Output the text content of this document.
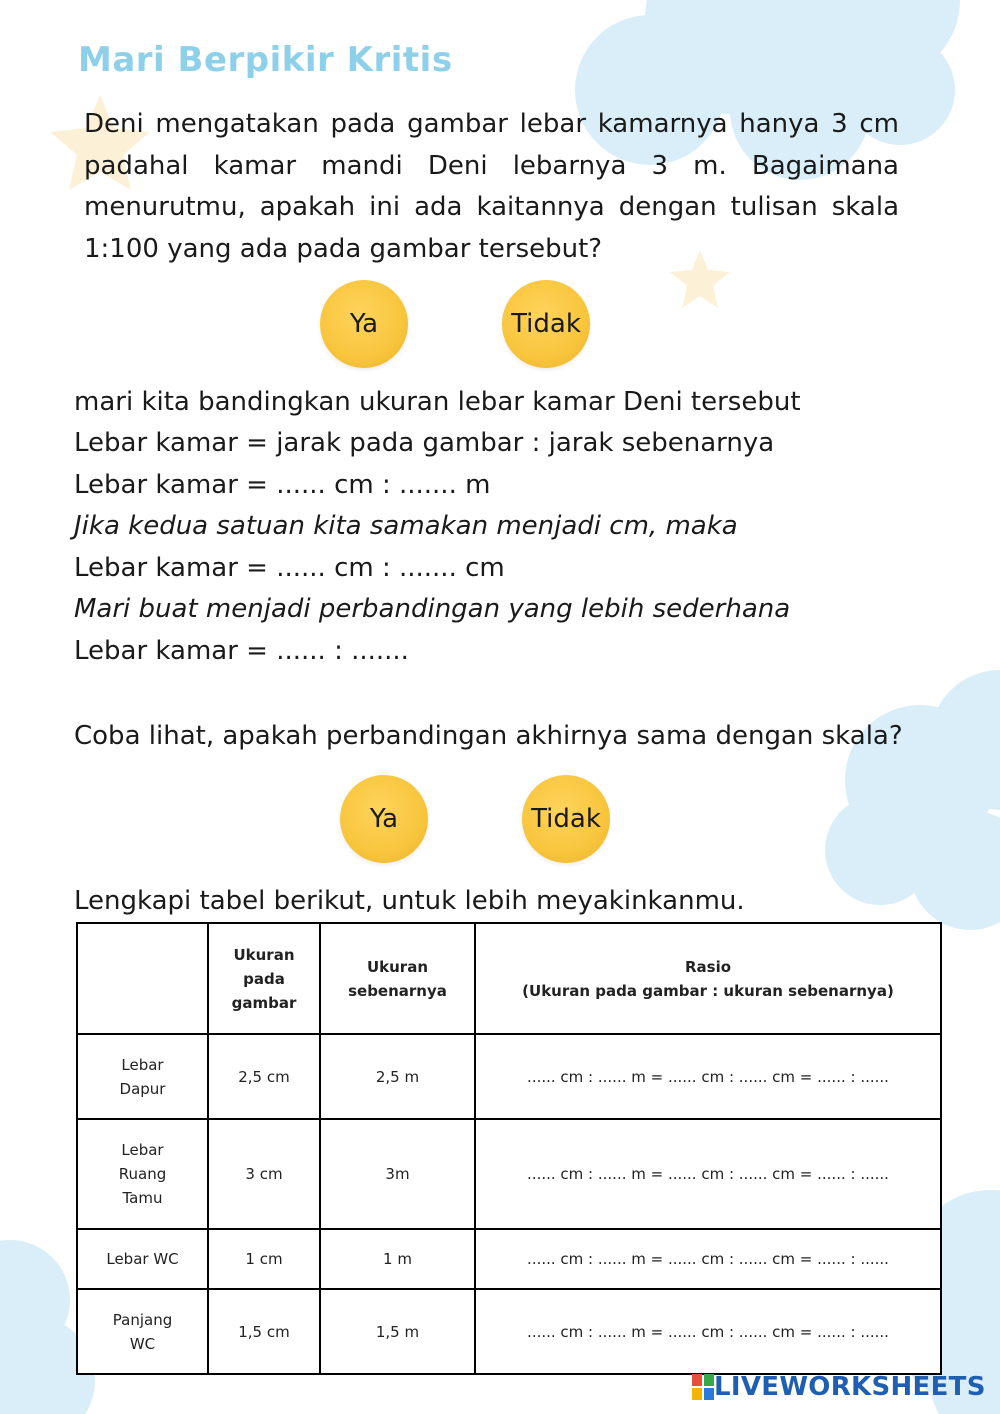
Mari Berpikir Kritis
Deni mengatakan pada gambar lebar kamarnya hanya 3 cm padahal kamar mandi Deni lebarnya 3 m. Bagaimana menurutmu, apakah ini ada kaitannya dengan tulisan skala 1:100 yang ada pada gambar tersebut?
Ya	Tidak
mari kita bandingkan ukuran lebar kamar Deni tersebut
Lebar kamar = jarak pada gambar : jarak sebenarnya
Lebar kamar = ...... cm : ....... m
Jika kedua satuan kita samakan menjadi cm, maka
Lebar kamar = ...... cm : ....... cm
Mari buat menjadi perbandingan yang lebih sederhana
Lebar kamar = ...... : .......
Coba lihat, apakah perbandingan akhirnya sama dengan skala?
Ya	Tidak
Lengkapi tabel berikut, untuk lebih meyakinkanmu.

	Ukuran pada gambar	Ukuran sebenarnya	Rasio
(Ukuran pada gambar : ukuran sebenarnya)

Lebar Dapur	2,5 cm	2,5 m	...... cm : ...... m = ...... cm : ...... cm = ...... : ......

Lebar Ruang Tamu	3 cm	3m	...... cm : ...... m = ...... cm : ...... cm = ...... : ......
Lebar WC	1 cm	1 m	...... cm : ...... m = ...... cm : ...... cm = ...... : ......

Panjang WC	1,5 cm	1,5 m	...... cm : ...... m = ...... cm : ...... cm = ...... : ......
LIVEWORKSHEETS
